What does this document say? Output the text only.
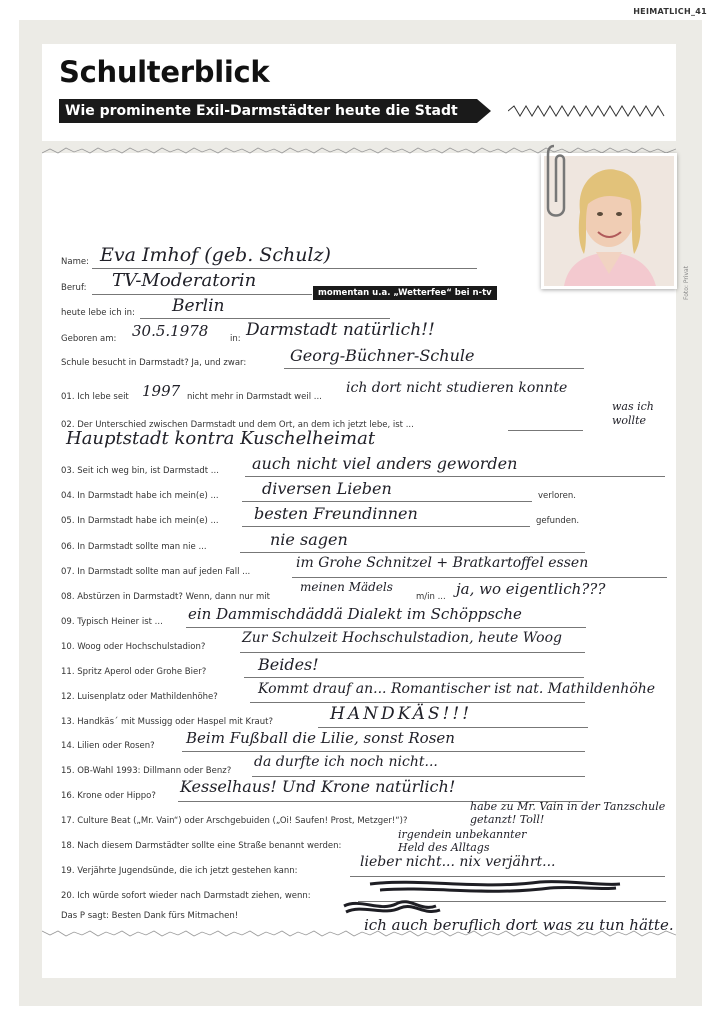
HEIMATLICH_41
Schulterblick
Wie prominente Exil-Darmstädter heute die Stadt sehen
Foto: Privat
Name: Eva Imhof (geb. Schulz)
Beruf: TV-Moderatorin
momentan u.a. „Wetterfee“ bei n-tv
heute lebe ich in: Berlin
Geboren am: 30.5.1978	in: Darmstadt natürlich!!
Schule besucht in Darmstadt? Ja, und zwar:	Georg-Büchner-Schule
01. Ich lebe seit 1997 nicht mehr in Darmstadt weil ...
ich dort nicht studieren konnte
02. Der Unterschied zwischen Darmstadt und dem Ort, an dem ich jetzt lebe, ist ...
Hauptstadt kontra Kuschelheimat
was ich wollte
03. Seit ich weg bin, ist Darmstadt ... auch nicht viel anders geworden
04. In Darmstadt habe ich mein(e) ...	diversen Lieben	verloren.
05. In Darmstadt habe ich mein(e) ... besten Freundinnen	gefunden.
06. In Darmstadt sollte man nie ...	nie sagen
07. In Darmstadt sollte man auf jeden Fall ...
im Grohe Schnitzel + Bratkartoffel essen
08. Abstürzen in Darmstadt? Wenn, dann nur mit
meinen Mädels
m/in ... ja, wo eigentlich???
09. Typisch Heiner ist ... ein Dammischdäddä Dialekt im Schöppsche
10. Woog oder Hochschulstadion?
Zur Schulzeit Hochschulstadion, heute Woog
11. Spritz Aperol oder Grohe Bier?	Beides!
12. Luisenplatz oder Mathildenhöhe?	Kommt drauf an... Romantischer ist nat. Mathildenhöhe
13. Handkäs´ mit Mussigg oder Haspel mit Kraut?	HANDKÄS!!!
14. Lilien oder Rosen? Beim Fußball die Lilie, sonst Rosen
15. OB-Wahl 1993: Dillmann oder Benz?
da durfte ich noch nicht...
16. Krone oder Hippo? Kesselhaus! Und Krone natürlich!
17. Culture Beat („Mr. Vain“) oder Arschgebuiden („Oi! Saufen! Prost, Metzger!“)?
habe zu Mr. Vain in der Tanzschule getanzt! Toll!
18. Nach diesem Darmstädter sollte eine Straße benannt werden:
irgendein unbekannter Held des Alltags
19. Verjährte Jugendsünde, die ich jetzt gestehen kann:
lieber nicht... nix verjährt...
20. Ich würde sofort wieder nach Darmstadt ziehen, wenn:
ich auch beruflich dort was zu tun hätte.
Das P sagt: Besten Dank fürs Mitmachen!
